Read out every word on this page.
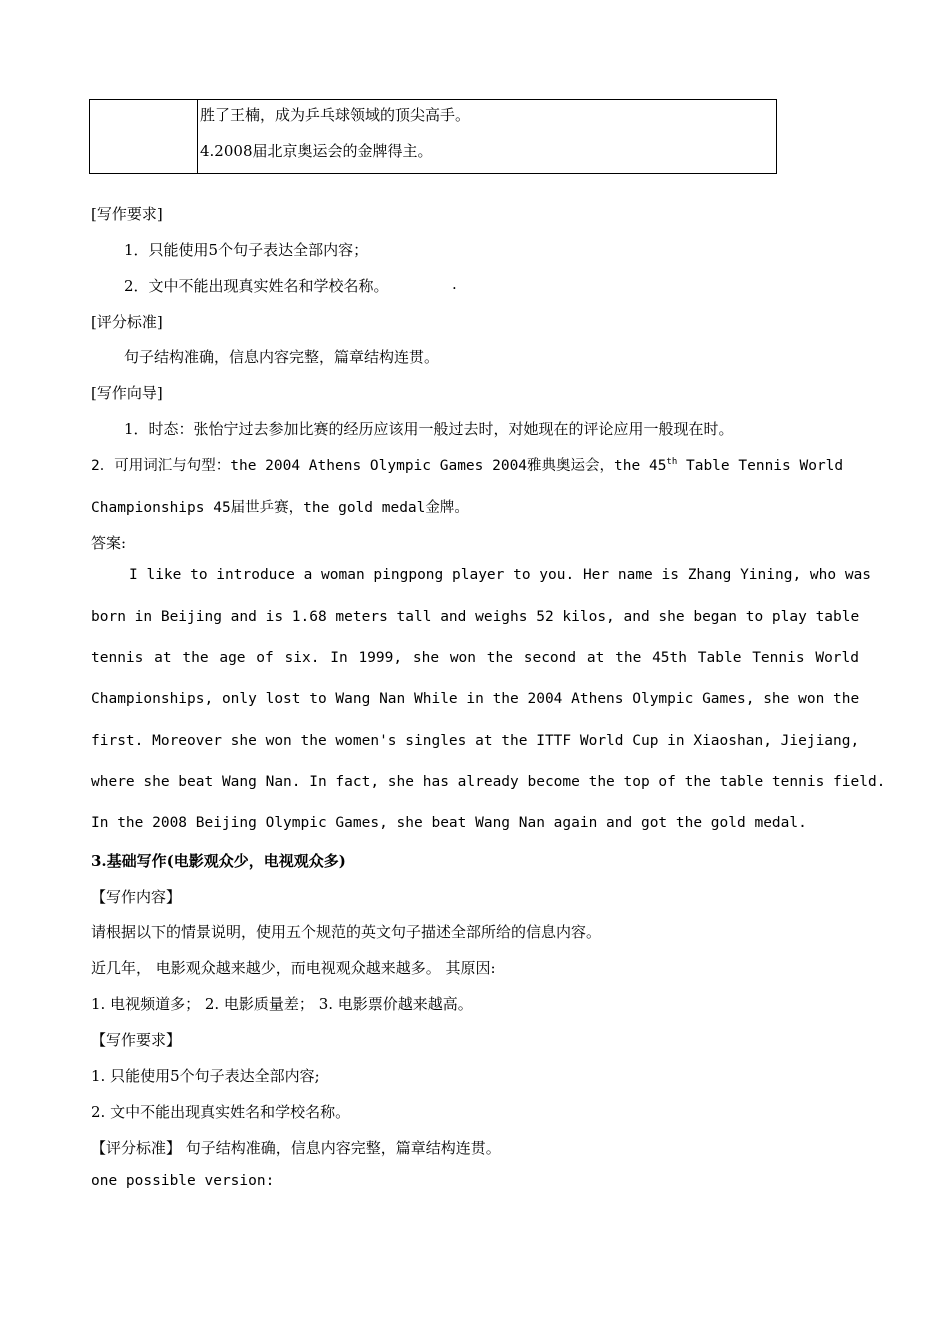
胜了王楠，成为乒乓球领域的顶尖高手。
4.2008届北京奥运会的金牌得主。
[写作要求]
1．只能使用5个句子表达全部内容；
2．文中不能出现真实姓名和学校名称。	.
[评分标准]
句子结构准确，信息内容完整，篇章结构连贯。
[写作向导]
1．时态：张怡宁过去参加比赛的经历应该用一般过去时，对她现在的评论应用一般现在时。
2．可用词汇与句型：the 2004 Athens Olympic Games 2004雅典奥运会，the 45th Table Tennis World
Championships 45届世乒赛，the gold medal金牌。
答案:
I like to introduce a woman pingpong player to you. Her name is Zhang Yining, who was
born in Beijing and is 1.68 meters tall and weighs 52 kilos, and she began to play table
tennis at the age of six. In 1999, she won the second at the 45th Table Tennis World
Championships, only lost to Wang Nan While in the 2004 Athens Olympic Games, she won the
first. Moreover she won the women's singles at the ITTF World Cup in Xiaoshan, Jiejiang,
where she beat Wang Nan. In fact, she has already become the top of the table tennis field.
In the 2008 Beijing Olympic Games, she beat Wang Nan again and got the gold medal.
3.基础写作(电影观众少，电视观众多)
【写作内容】
请根据以下的情景说明，使用五个规范的英文句子描述全部所给的信息内容。
近几年， 电影观众越来越少，而电视观众越来越多。 其原因:
1. 电视频道多； 2. 电影质量差； 3. 电影票价越来越高。
【写作要求】
1. 只能使用5个句子表达全部内容;
2. 文中不能出现真实姓名和学校名称。
【评分标准】 句子结构准确，信息内容完整，篇章结构连贯。
one possible version:
